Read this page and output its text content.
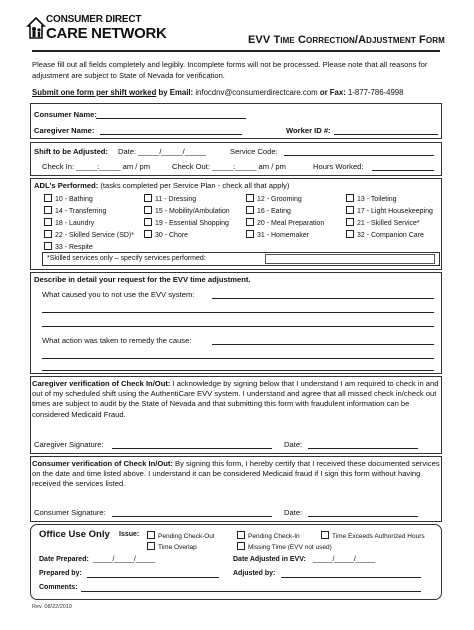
CONSUMER DIRECT
CARE NETWORK	EVV Time Correction/Adjustment Form
Please fill out all fields completely and legibly. Incomplete forms will not be processed. Please note that all reasons for adjustment are subject to State of Nevada for verification.
Submit one form per shift worked by Email: infocdnv@consumerdirectcare.com or Fax: 1-877-786-4998
Consumer Name:
Caregiver Name:	Worker ID #:
Shift to be Adjusted: Date: _____/_____/_____	Service Code:
Check In: _____:_____ am / pm	Check Out: _____:_____ am / pm	Hours Worked:
ADL's Performed: (tasks completed per Service Plan - check all that apply)
10 - Bathing	11 - Dressing	12 - Grooming	13 - Toileting
14 - Transferring	15 - Mobility/Ambulation	16 - Eating	17 - Light Housekeeping
18 - Laundry	19 - Essential Shopping	20 - Meal Preparation	21 - Skilled Service*
22 - Skilled Service (SD)*	30 - Chore	31 - Homemaker	32 - Companion Care
33 - Respite
*Skilled services only – specify services performed:
Describe in detail your request for the EVV time adjustment.
What caused you to not use the EVV system:
What action was taken to remedy the cause:
Caregiver verification of Check In/Out: I acknowledge by signing below that I understand I am required to check in and out of my scheduled shift using the AuthentiCare EVV system. I understand and agree that all missed check in/check out times are subject to audit by the State of Nevada and that submitting this form with fraudulent information can be considered Medicaid Fraud.
Caregiver Signature:	Date:
Consumer verification of Check In/Out: By signing this form, I hereby certify that I received these documented services on the date and time listed above. I understand it can be considered Medicaid fraud if I sign this form without having received the services listed.
Consumer Signature:	Date:
Office Use Only Issue:	Pending Check-Out	Pending Check-In	Time Exceeds Authorized Hours
Time Overlap	Missing Time (EVV not used)
Date Prepared: _____/_____/_____	Date Adjusted in EVV: _____/_____/_____
Prepared by:	Adjusted by:
Comments:
Rev. 08/22/2019
